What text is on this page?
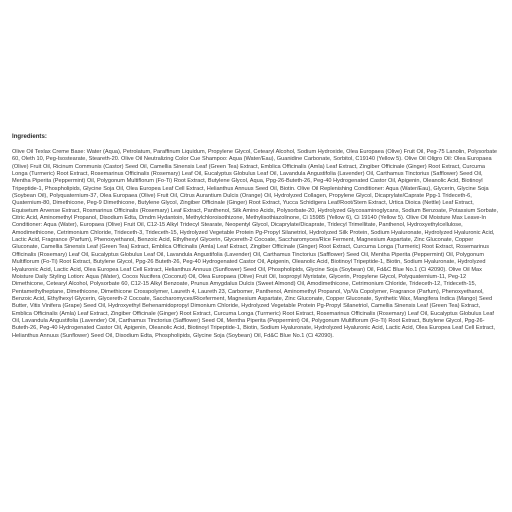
Ingredients:

Olive Oil Texlax Creme Base: Water (Aqua), Petrolatum, Paraffinum Liquidum, Propylene Glycol, Cetearyl Alcohol, Sodium Hydroxide, Olea Europaea (Olive) Fruit Oil, Peg-75 Lanolin, Polysorbate 60, Oleth 10, Peg-Isostearate, Steareth-20. Olive Oil Neutralizing Color Cue Shampoo: Aqua (Water/Eau), Guanidine Carbonate, Sorbitol, C19140 (Yellow 5). Olive Oil Oligro Oil: Olea Europaea (Olive) Fruit Oil, Ricinum Communis (Castor) Seed Oil, Camellia Sinensis Leaf (Green Tea) Extract, Emblica Officinalis (Amla) Leaf Extract, Zingiber Officinale (Ginger) Root Extract, Curcuma Longa (Turmeric) Root Extract, Rosemarinus Officinalis (Rosemary) Leaf Oil, Eucalyptus Globulus Leaf Oil, Lavandula Angustifolia (Lavender) Oil, Carthamus Tinctorius (Safflower) Seed Oil, Mentha Piperita (Peppermint) Oil, Polygonum Multiflorum (Fo-Ti) Root Extract, Butylene Glycol, Aqua, Ppg-26-Buteth-26, Peg-40 Hydrogenated Castor Oil, Apigenin, Oleanolic Acid, Biotinoyl Tripeptide-1, Phospholipids, Glycine Soja Oil, Olea Europea Leaf Cell Extract, Helianthus Annuus Seed Oil, Biotin. Olive Oil Replenishing Conditioner: Aqua (Water/Eau), Glycerin, Glycine Soja (Soybean Oil), Polyquaternium-37, Olea Europaea (Olive) Fruit Oil, Citrus Aurantium Dulcis (Orange) Oil, Hydrolyzed Collagen, Propylene Glycol, Dicaprylate/Caprate Ppg-1 Trideceth-6, Quaternium-80, Dimethicone, Peg-9 Dimethicone, Butylene Glycol, Zingiber Officinale (Ginger) Root Extract, Yucca Schidigera Leaf/Root/Stem Extract, Urtica Dioica (Nettle) Leaf Extract, Equisetum Arvense Extract, Rosmarinus Officinalis (Rosemary) Leaf Extract, Panthenol, Silk Amino Acids, Polysorbate-20, Hydrolyzed Glycosaminoglycans, Sodium Benzoate, Potassium Sorbate, Citric Acid, Aminomethyl Propanol, Disodium Edta, Dmdm Hydantoin, Methylchloroisothizone, Methylisothiazolinone, Ci 15985 (Yellow 6), Ci 19140 (Yellow 5). Olive Oil Moisture Max Leave-In Conditioner: Aqua (Water), Europaea (Olive) Fruit Oil, C12-15 Alkyl Tridecyl Stearate, Neopentyl Glycol, Dicaprylate/Dicaprate, Tridecyl Trimellitate, Panthenol, Hydroxyethylcellulose, Amodimethicone, Cetrimonium Chloride, Trideceth-3, Trideceth-15, Hydrolyzed Vegetable Protein Pg-Propyl Silanetriol, Hydrolyzed Silk Protein, Sodium Hyaluronate, Hydrolyzed Hyaluronic Acid, Lactic Acid, Fragrance (Parfum), Phenoxyethanol, Benzoic Acid, Ethylhexyl Glycerin, Glycereth-2 Cocoate, Saccharomyces/Rice Ferment, Magnesium Aspartate, Zinc Gluconate, Copper Gluconate, Camellia Sinensis Leaf (Green Tea) Extract, Emblica Officinalis (Amla) Leaf Extract, Zingiber Officinale (Ginger) Root Extract, Curcuma Longa (Turmeric) Root Extract, Rosemarinus Officinalis (Rosemary) Leaf Oil, Eucalyptus Globulus Leaf Oil, Lavandula Angustifolia (Lavender) Oil, Carthamus Tinctorius (Safflower) Seed Oil, Mentha Piperita (Peppermint) Oil, Polygonum Multiflorum (Fo-Ti) Root Extract, Butylene Glycol, Ppg-26 Buteth-26, Peg-40 Hydrogenated Castor Oil, Apigenin, Oleanolic Acid, Biotinoyl Tripeptide-1, Biotin, Sodium Hyaluronate, Hydrolyzed Hyaluronic Acid, Lactic Acid, Olea Europea Leaf Cell Extract, Helianthus Annuus (Sunflower) Seed Oil, Phospholipids, Glycine Soja (Soybean) Oil, Fd&C Blue No.1 (Ci 42090). Olive Oil Max Moisture Daily Styling Lotion: Aqua (Water), Cocos Nucifera (Coconut) Oil, Olea Europaea (Olive) Fruit Oil, Isopropyl Myristate, Glycerin, Propylene Glycol, Polyquaternium-11, Peg-12 Dimethicone, Cetearyl Alcohol, Polysorbate 60, C12-15 Alkyl Benzoate, Prunus Amygdalus Dulcis (Sweet Almond) Oil, Amodimethicone, Cetrimonium Chloride, Trideceth-12, Trideceth-15, Pentamethylheptane, Dimethicone, Dimethicone Crosspolymer, Laureth 4, Laureth 23, Carbomer, Panthenol, Aminomethyl Propanol, Vp/Va Copolymer, Fragrance (Parfum), Phenoxyethanol, Benzoic Acid, Ethylhexyl Glycerin, Glycereth-2 Cocoate, Saccharomyces/Riceferment, Magnesium Aspartate, Zinc Gluconate, Copper Gluconate, Synthetic Wax, Mangifera Indica (Mango) Seed Butter, Vitis Vinifera (Grape) Seed Oil, Hydroxyethyl Behenamidopropyl Dimonium Chloride, Hydrolyzed Vegetable Protein Pg-Propyl Silanetriol, Camellia Sinensis Leaf (Green Tea) Extract, Emblica Officinalis (Amla) Leaf Extract, Zingiber Officinale (Ginger) Root Extract, Curcuma Longa (Turmeric) Root Extract, Rosemarinus Officinalis (Rosemary) Leaf Oil, Eucalyptus Globulus Leaf Oil, Lavandula Angustifolia (Lavender) Oil, Carthamus Tinctorius (Safflower) Seed Oil, Mentha Piperita (Peppermint) Oil, Polygonum Multiflorum (Fo-Ti) Root Extract, Butylene Glycol, Ppg-26-Buteth-26, Peg-40 Hydrogenated Castor Oil, Apigenin, Oleanolic Acid, Biotinoyl Tripeptide-1, Biotin, Sodium Hyaluronate, Hydrolyzed Hyaluronic Acid, Lactic Acid, Olea Europea Leaf Cell Extract, Helianthus Annuus (Sunflower) Seed Oil, Disodium Edta, Phospholipids, Glycine Soja (Soybean) Oil, Fd&C Blue No.1 (Ci 42090).
